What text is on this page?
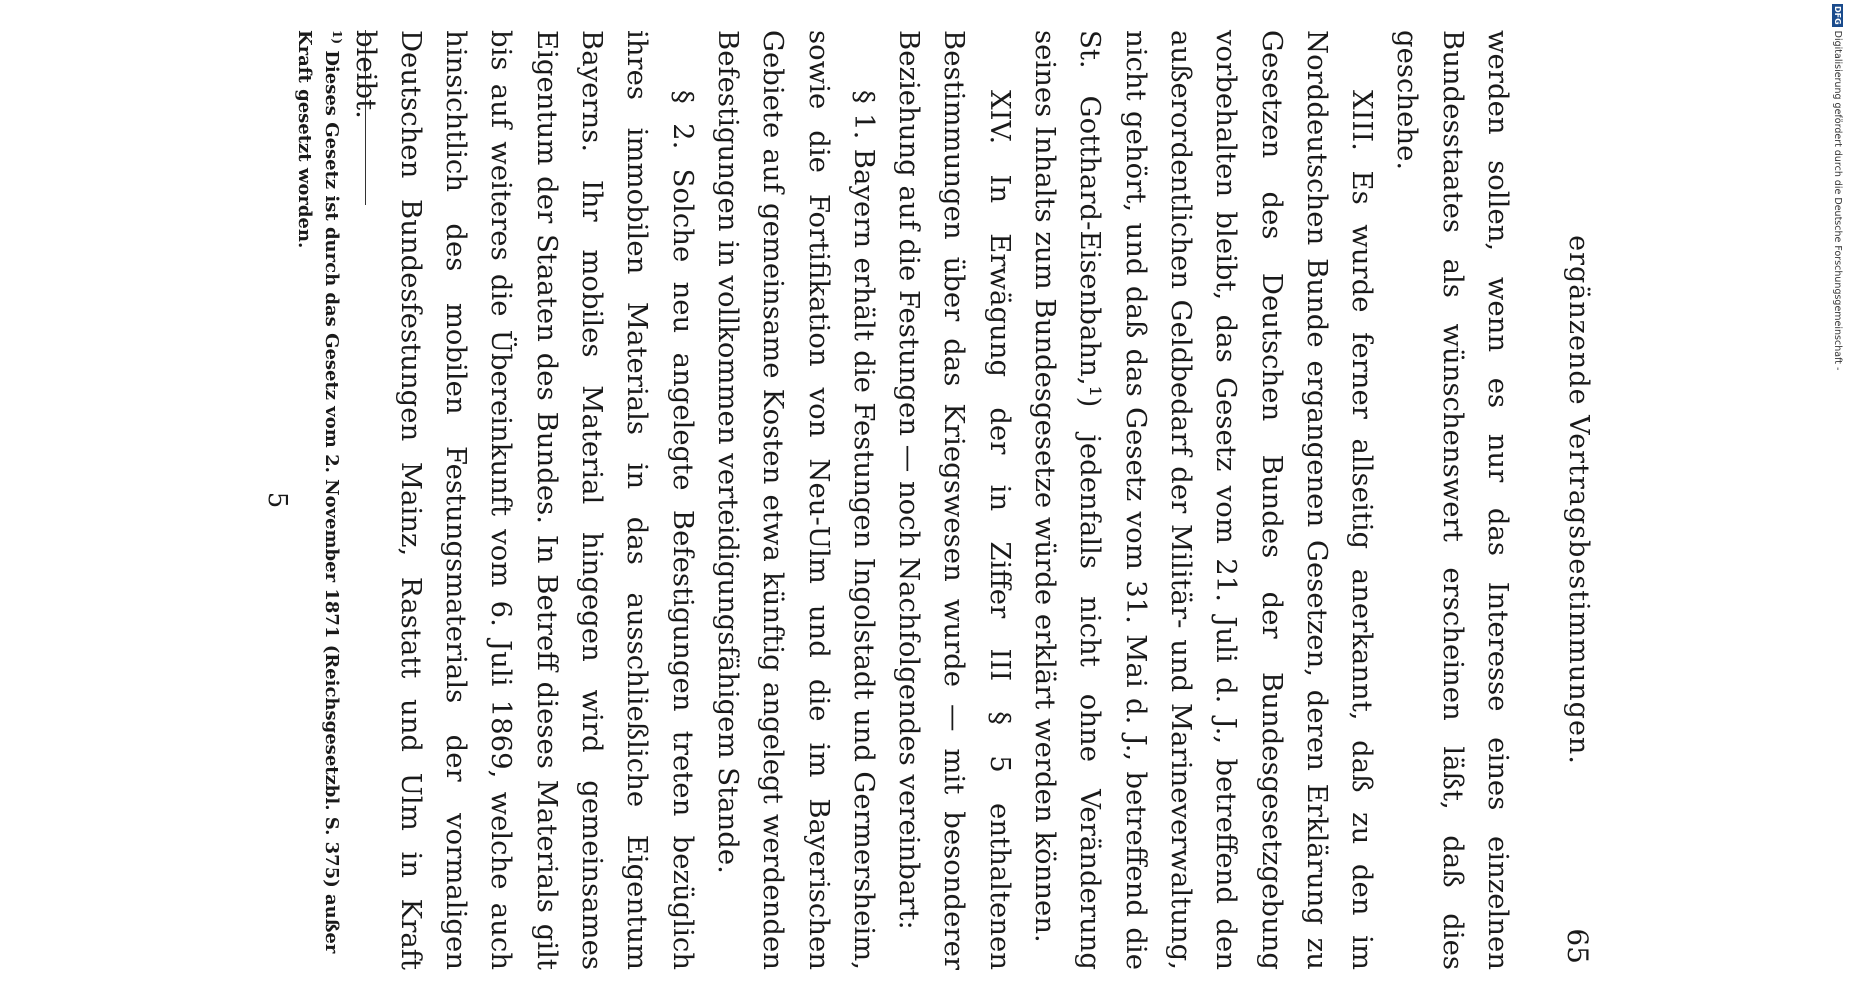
ergänzende Vertragsbestimmungen.
65

werden sollen, wenn es nur das Interesse eines einzelnen Bundesstaates als wünschenswert erscheinen läßt, daß dies geschehe.

XIII. Es wurde ferner allseitig anerkannt, daß zu den im Norddeutschen Bunde ergangenen Gesetzen, deren Erklärung zu Gesetzen des Deutschen Bundes der Bundesgesetzgebung vorbehalten bleibt, das Gesetz vom 21. Juli d. J., betreffend den außerordentlichen Geldbedarf der Militär- und Marineverwaltung, nicht gehört, und daß das Gesetz vom 31. Mai d. J., betreffend die St. Gotthard-Eisenbahn,¹) jedenfalls nicht ohne Veränderung seines Inhalts zum Bundesgesetze würde erklärt werden können.

XIV. In Erwägung der in Ziffer III § 5 enthaltenen Bestimmungen über das Kriegswesen wurde — mit besonderer Beziehung auf die Festungen — noch Nachfolgendes vereinbart:

§ 1. Bayern erhält die Festungen Ingolstadt und Germersheim, sowie die Fortifikation von Neu-Ulm und die im Bayerischen Gebiete auf gemeinsame Kosten etwa künftig angelegt werdenden Befestigungen in vollkommen verteidigungsfähigem Stande.

§ 2. Solche neu angelegte Befestigungen treten bezüglich ihres immobilen Materials in das ausschließliche Eigentum Bayerns. Ihr mobiles Material hingegen wird gemeinsames Eigentum der Staaten des Bundes. In Betreff dieses Materials gilt bis auf weiteres die Übereinkunft vom 6. Juli 1869, welche auch hinsichtlich des mobilen Festungsmaterials der vormaligen Deutschen Bundesfestungen Mainz, Rastatt und Ulm in Kraft bleibt.

$^{1)}$ Dieses Gesetz ist durch das Gesetz vom 2. November 1871 (Reichsgesetzbl. S. 375) außer Kraft gesetzt worden.
5
DFGDigitalisierung gefördert durch die Deutsche Forschungsgemeinschaft -
